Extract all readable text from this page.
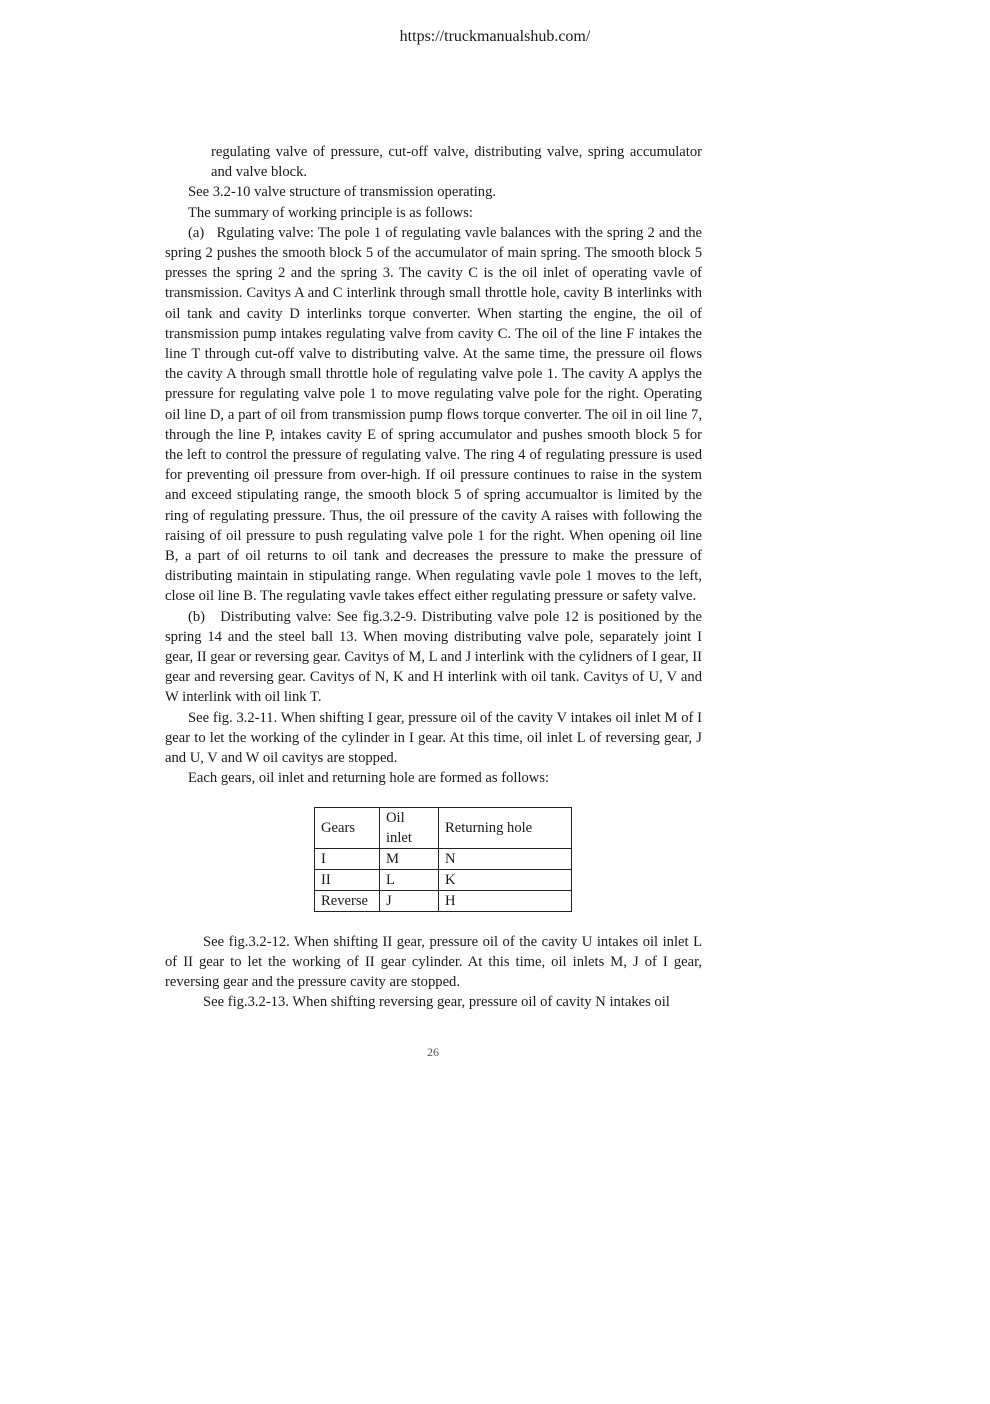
https://truckmanualshub.com/

regulating valve of pressure, cut-off valve, distributing valve, spring accumulator and valve block.

See 3.2-10 valve structure of transmission operating.

The summary of working principle is as follows:

(a)   Rgulating valve: The pole 1 of regulating vavle balances with the spring 2 and the spring 2 pushes the smooth block 5 of the accumulator of main spring. The smooth block 5 presses the spring 2 and the spring 3. The cavity C is the oil inlet of operating vavle of transmission. Cavitys A and C interlink through small throttle hole, cavity B interlinks with oil tank and cavity D interlinks torque converter. When starting the engine, the oil of transmission pump intakes regulating valve from cavity C. The oil of the line F intakes the line T through cut-off valve to distributing valve. At the same time, the pressure oil flows the cavity A through small throttle hole of regulating valve pole 1. The cavity A applys the pressure for regulating valve pole 1 to move regulating valve pole for the right. Operating oil line D, a part of oil from transmission pump flows torque converter. The oil in oil line 7, through the line P, intakes cavity E of spring accumulator and pushes smooth block 5 for the left to control the pressure of regulating valve. The ring 4 of regulating pressure is used for preventing oil pressure from over-high. If oil pressure continues to raise in the system and exceed stipulating range, the smooth block 5 of spring accumualtor is limited by the ring of regulating pressure. Thus, the oil pressure of the cavity A raises with following the raising of oil pressure to push regulating valve pole 1 for the right. When opening oil line B, a part of oil returns to oil tank and decreases the pressure to make the pressure of distributing maintain in stipulating range. When regulating vavle pole 1 moves to the left, close oil line B. The regulating vavle takes effect either regulating pressure or safety valve.

(b)   Distributing valve: See fig.3.2-9. Distributing valve pole 12 is positioned by the spring 14 and the steel ball 13. When moving distributing valve pole, separately joint I gear, II gear or reversing gear. Cavitys of M, L and J interlink with the cylidners of I gear, II gear and reversing gear. Cavitys of N, K and H interlink with oil tank. Cavitys of U, V and W interlink with oil link T.

See fig. 3.2-11. When shifting I gear, pressure oil of the cavity V intakes oil inlet M of I gear to let the working of the cylinder in I gear. At this time, oil inlet L of reversing gear, J and U, V and W oil cavitys are stopped.

Each gears, oil inlet and returning hole are formed as follows:

Gears	Oil inlet	Returning hole
I	M	N
II	L	K
Reverse	J	H

See fig.3.2-12. When shifting II gear, pressure oil of the cavity U intakes oil inlet L of II gear to let the working of II gear cylinder. At this time, oil inlets M, J of I gear, reversing gear and the pressure cavity are stopped.

See fig.3.2-13. When shifting reversing gear, pressure oil of cavity N intakes oil

26
